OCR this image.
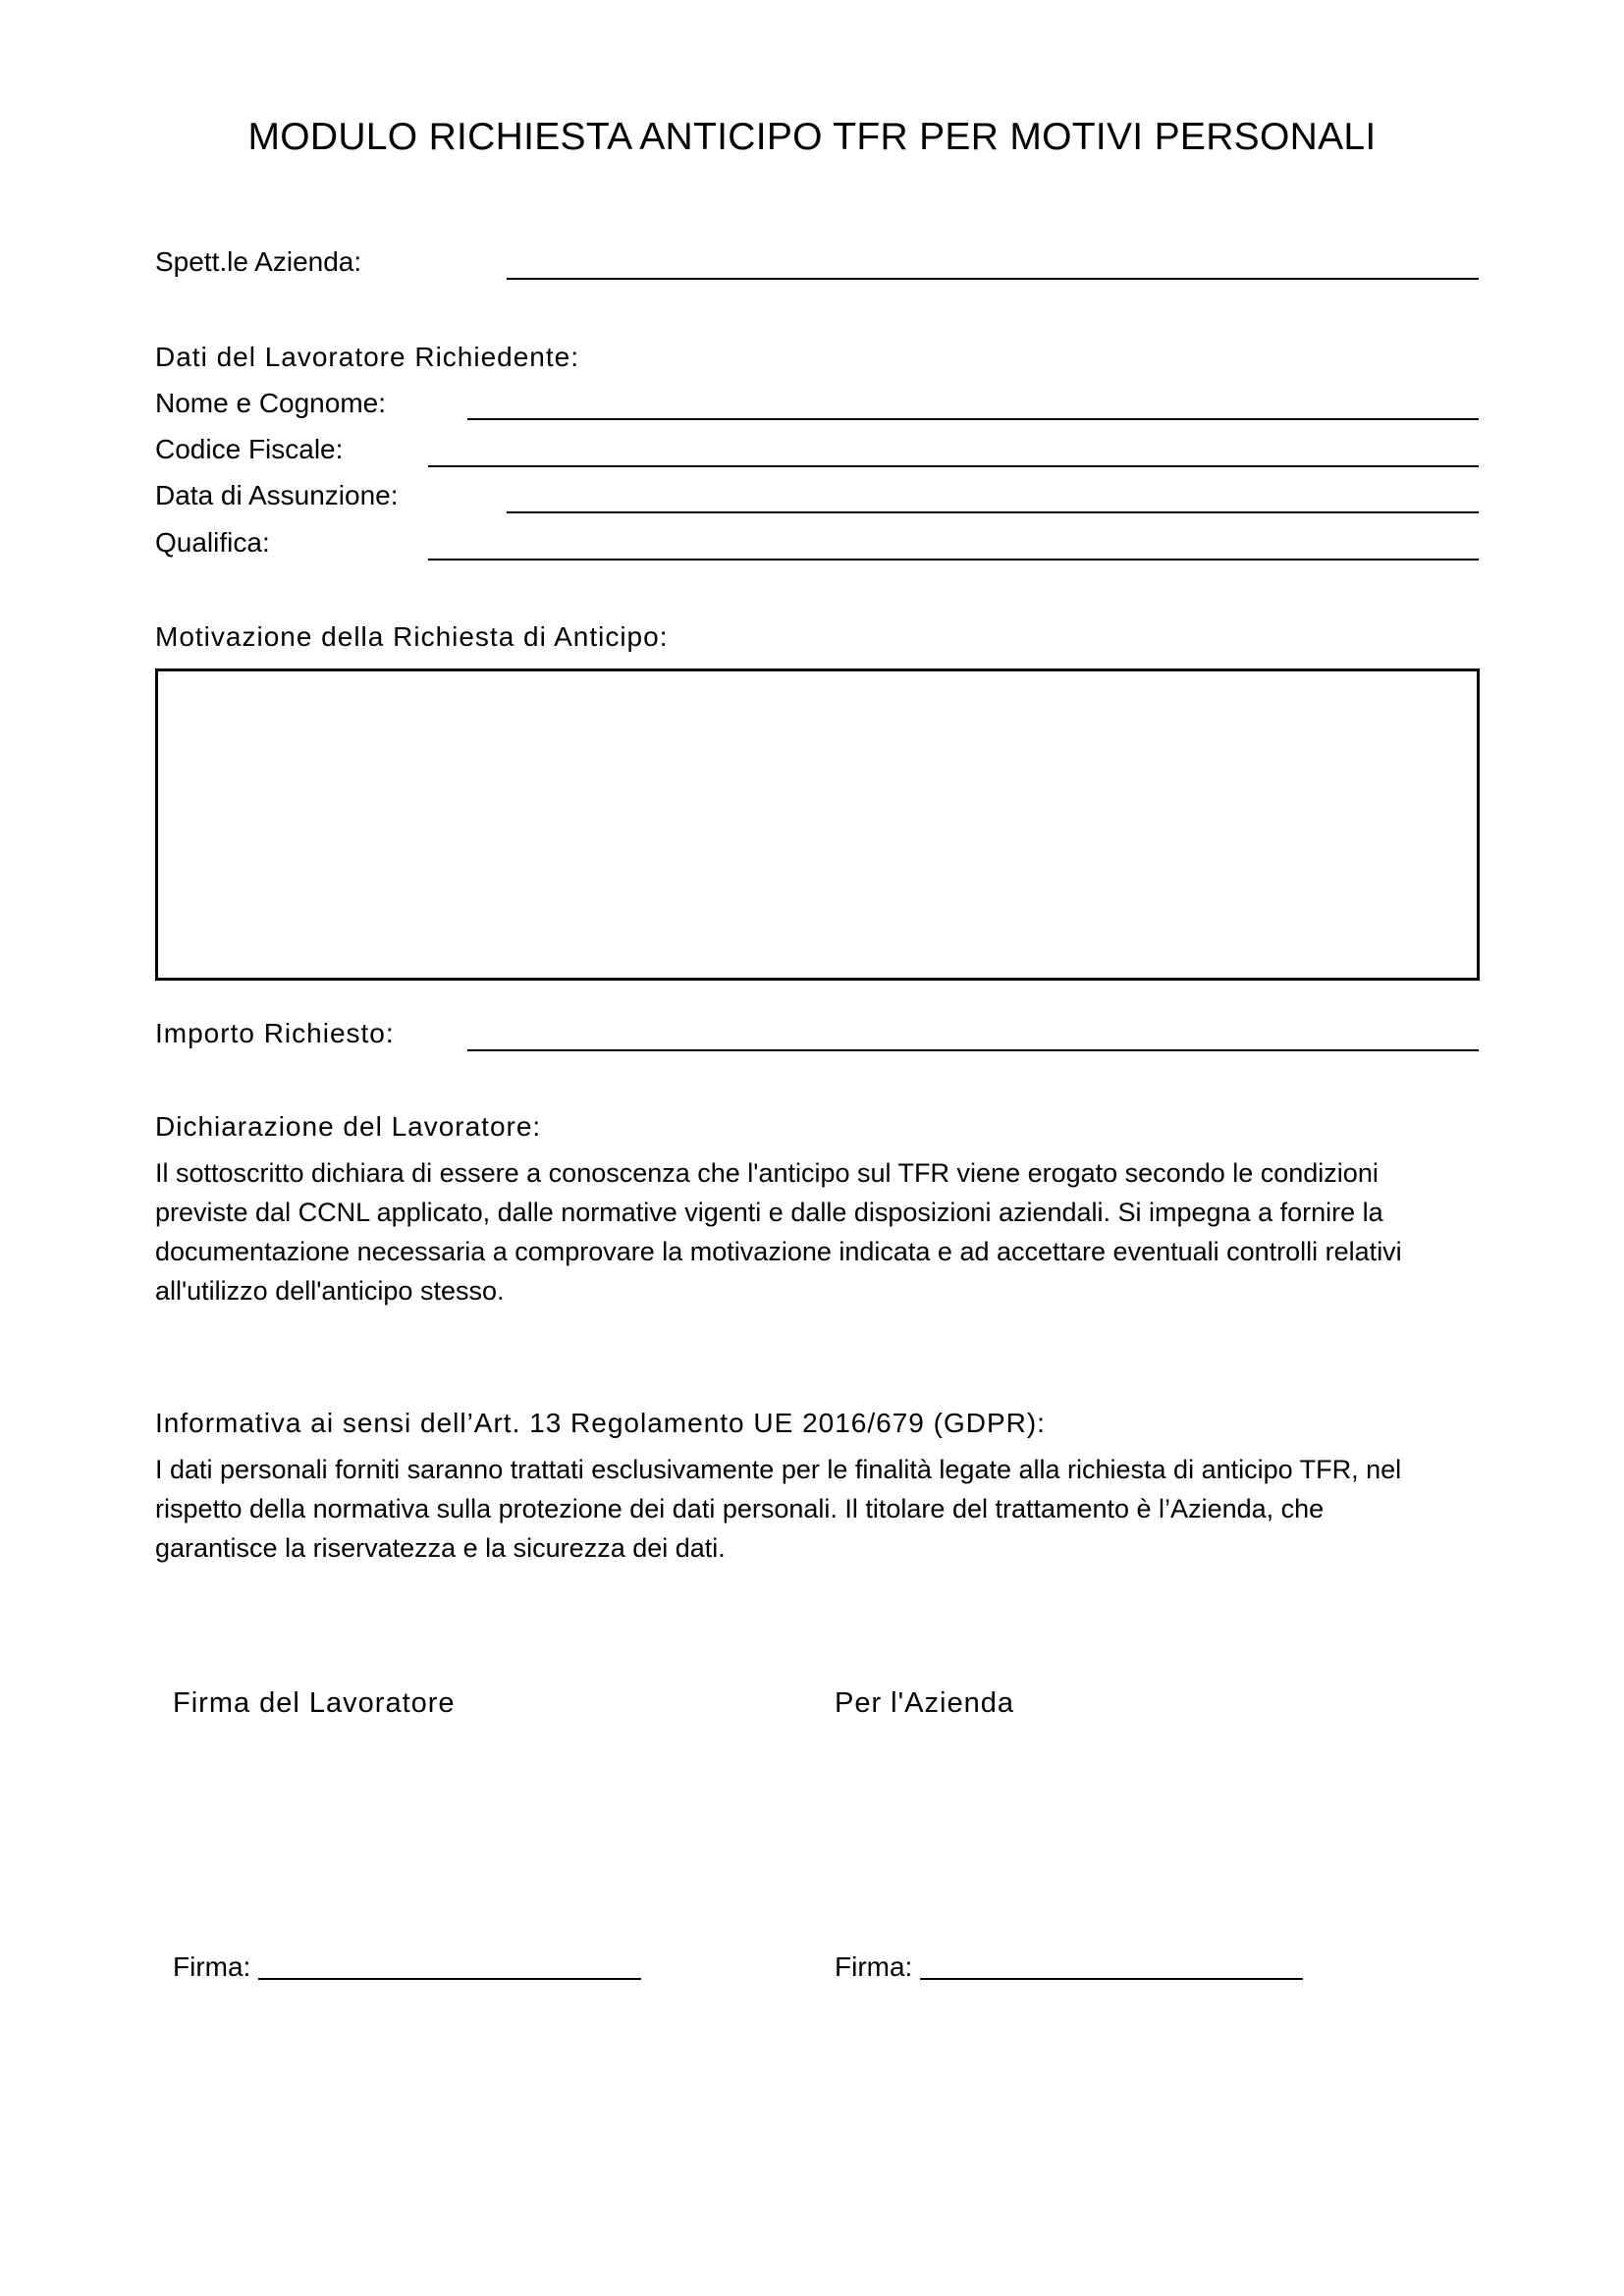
MODULO RICHIESTA ANTICIPO TFR PER MOTIVI PERSONALI
Spett.le Azienda:
Dati del Lavoratore Richiedente:
Nome e Cognome:
Codice Fiscale:
Data di Assunzione:
Qualifica:
Motivazione della Richiesta di Anticipo:
Importo Richiesto:
Dichiarazione del Lavoratore:

Il sottoscritto dichiara di essere a conoscenza che l'anticipo sul TFR viene erogato secondo le condizioni

previste dal CCNL applicato, dalle normative vigenti e dalle disposizioni aziendali. Si impegna a fornire la

documentazione necessaria a comprovare la motivazione indicata e ad accettare eventuali controlli relativi

all'utilizzo dell'anticipo stesso.

Informativa ai sensi dell’Art. 13 Regolamento UE 2016/679 (GDPR):

I dati personali forniti saranno trattati esclusivamente per le finalità legate alla richiesta di anticipo TFR, nel

rispetto della normativa sulla protezione dei dati personali. Il titolare del trattamento è l’Azienda, che

garantisce la riservatezza e la sicurezza dei dati.

Firma del Lavoratore	Per l'Azienda
Firma:	Firma:
